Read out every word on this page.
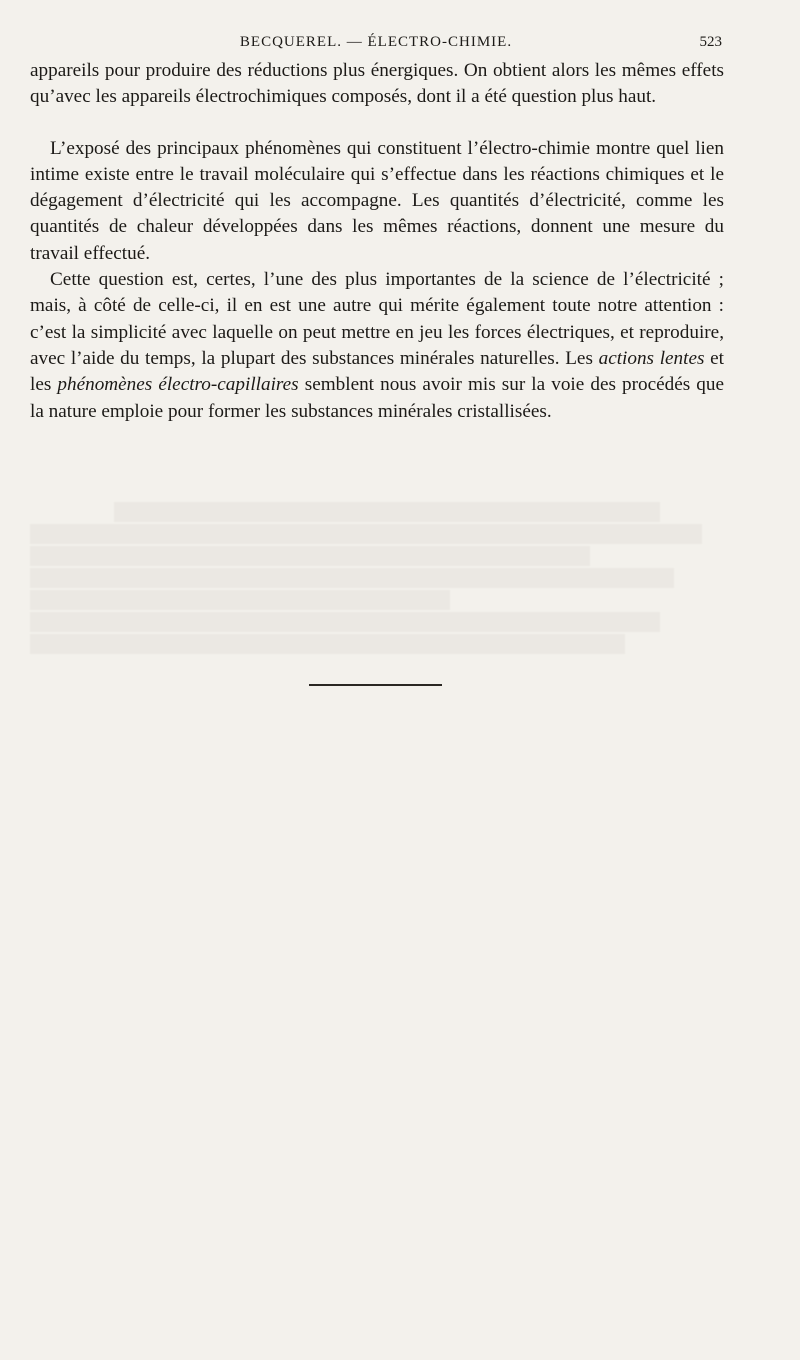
BECQUEREL. — ÉLECTRO-CHIMIE.	523

appareils pour produire des réductions plus énergiques. On obtient alors les mêmes effets qu’avec les appareils électrochimiques composés, dont il a été question plus haut.

L’exposé des principaux phénomènes qui constituent l’électro-chimie montre quel lien intime existe entre le travail moléculaire qui s’effectue dans les réactions chimiques et le dégagement d’électricité qui les accompagne. Les quantités d’électricité, comme les quantités de chaleur développées dans les mêmes réactions, donnent une mesure du travail effectué.

Cette question est, certes, l’une des plus importantes de la science de l’électricité ; mais, à côté de celle-ci, il en est une autre qui mérite également toute notre attention : c’est la simplicité avec laquelle on peut mettre en jeu les forces électriques, et reproduire, avec l’aide du temps, la plupart des substances minérales naturelles. Les actions lentes et les phénomènes électro-capillaires semblent nous avoir mis sur la voie des procédés que la nature emploie pour former les substances minérales cristallisées.
